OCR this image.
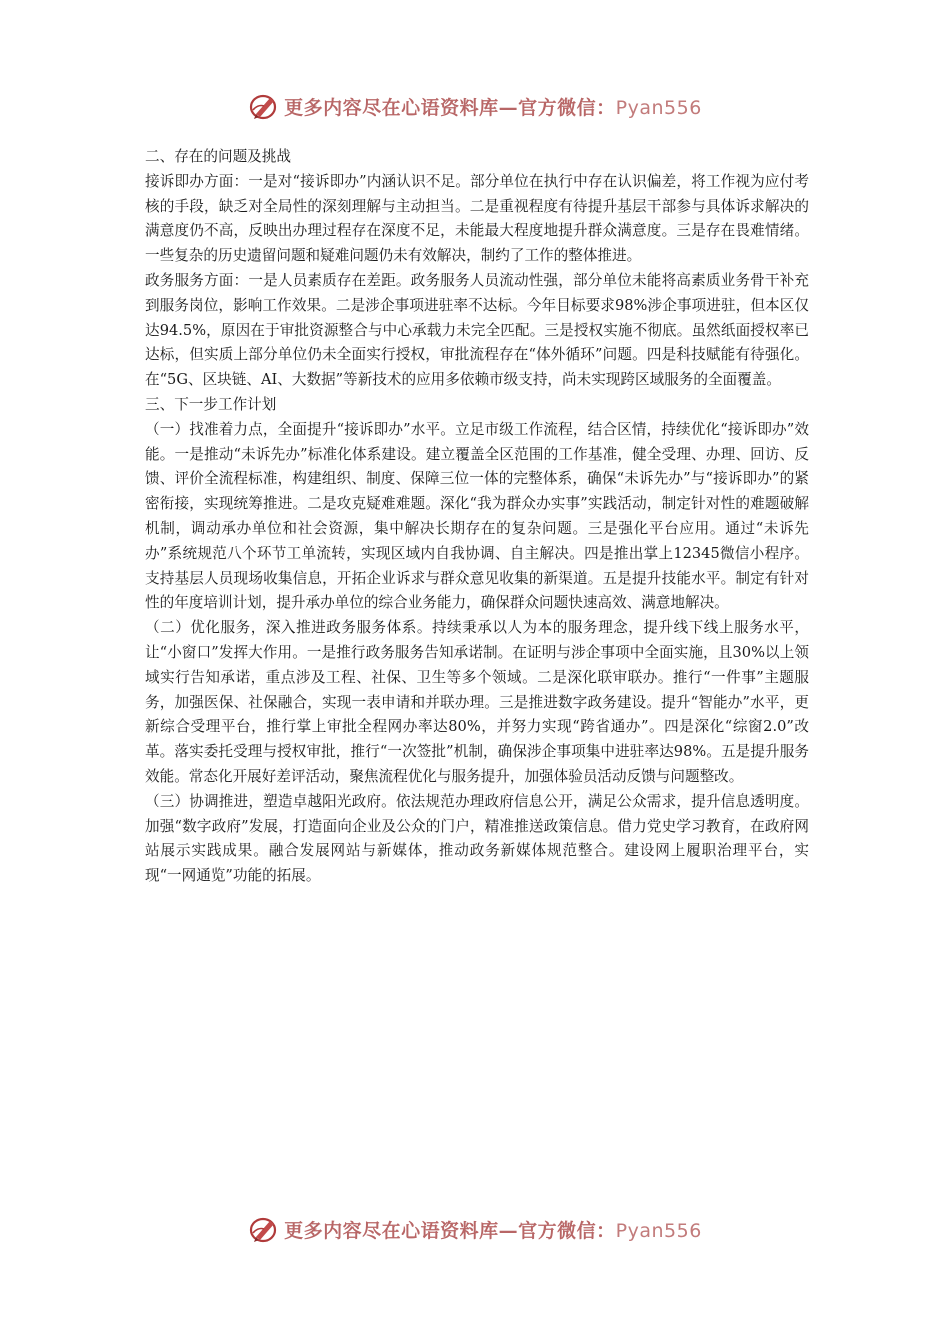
更多内容尽在心语资料库—官方微信：Pyan556

二、存在的问题及挑战

接诉即办方面：一是对“接诉即办”内涵认识不足。部分单位在执行中存在认识偏差，将工作视为应付考核的手段，缺乏对全局性的深刻理解与主动担当。二是重视程度有待提升基层干部参与具体诉求解决的满意度仍不高，反映出办理过程存在深度不足，未能最大程度地提升群众满意度。三是存在畏难情绪。一些复杂的历史遗留问题和疑难问题仍未有效解决，制约了工作的整体推进。

政务服务方面：一是人员素质存在差距。政务服务人员流动性强，部分单位未能将高素质业务骨干补充到服务岗位，影响工作效果。二是涉企事项进驻率不达标。今年目标要求98%涉企事项进驻，但本区仅达94.5%，原因在于审批资源整合与中心承载力未完全匹配。三是授权实施不彻底。虽然纸面授权率已达标，但实质上部分单位仍未全面实行授权，审批流程存在“体外循环”问题。四是科技赋能有待强化。在“5G、区块链、AI、大数据”等新技术的应用多依赖市级支持，尚未实现跨区域服务的全面覆盖。

三、下一步工作计划

（一）找准着力点，全面提升“接诉即办”水平。立足市级工作流程，结合区情，持续优化“接诉即办”效能。一是推动“未诉先办”标准化体系建设。建立覆盖全区范围的工作基准，健全受理、办理、回访、反馈、评价全流程标准，构建组织、制度、保障三位一体的完整体系，确保“未诉先办”与“接诉即办”的紧密衔接，实现统筹推进。二是攻克疑难难题。深化“我为群众办实事”实践活动，制定针对性的难题破解机制，调动承办单位和社会资源，集中解决长期存在的复杂问题。三是强化平台应用。通过“未诉先办”系统规范八个环节工单流转，实现区域内自我协调、自主解决。四是推出掌上12345微信小程序。支持基层人员现场收集信息，开拓企业诉求与群众意见收集的新渠道。五是提升技能水平。制定有针对性的年度培训计划，提升承办单位的综合业务能力，确保群众问题快速高效、满意地解决。

（二）优化服务，深入推进政务服务体系。持续秉承以人为本的服务理念，提升线下线上服务水平，让“小窗口”发挥大作用。一是推行政务服务告知承诺制。在证明与涉企事项中全面实施，且30%以上领域实行告知承诺，重点涉及工程、社保、卫生等多个领域。二是深化联审联办。推行“一件事”主题服务，加强医保、社保融合，实现一表申请和并联办理。三是推进数字政务建设。提升“智能办”水平，更新综合受理平台，推行掌上审批全程网办率达80%，并努力实现“跨省通办”。四是深化“综窗2.0”改革。落实委托受理与授权审批，推行“一次签批”机制，确保涉企事项集中进驻率达98%。五是提升服务效能。常态化开展好差评活动，聚焦流程优化与服务提升，加强体验员活动反馈与问题整改。

（三）协调推进，塑造卓越阳光政府。依法规范办理政府信息公开，满足公众需求，提升信息透明度。加强“数字政府”发展，打造面向企业及公众的门户，精准推送政策信息。借力党史学习教育，在政府网站展示实践成果。融合发展网站与新媒体，推动政务新媒体规范整合。建设网上履职治理平台，实现“一网通览”功能的拓展。

更多内容尽在心语资料库—官方微信：Pyan556
